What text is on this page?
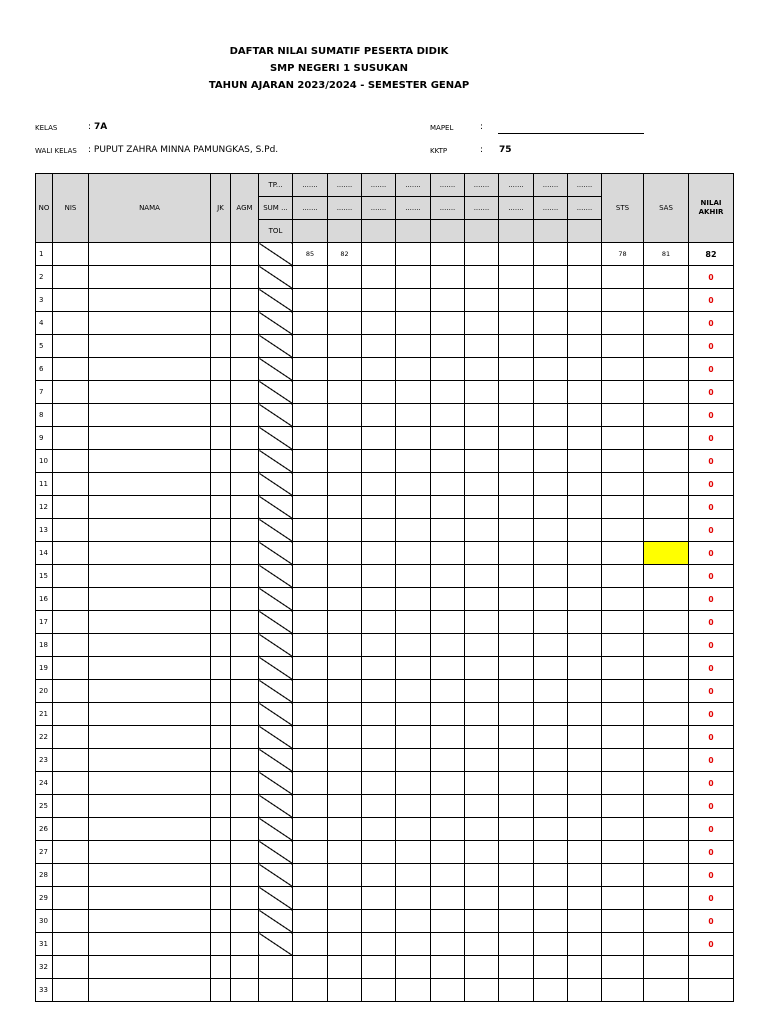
DAFTAR NILAI SUMATIF PESERTA DIDIK
SMP NEGERI 1 SUSUKAN
TAHUN AJARAN 2023/2024 - SEMESTER GENAP
KELAS	: 7A
WALI KELAS : PUPUT ZAHRA MINNA PAMUNGKAS, S.Pd.
MAPEL	:
KKTP	: 75
NO	NIS	NAMA	JK	AGM	TP...	.......	.......	.......	.......	.......	.......	.......	.......	.......	STS	SAS	NILAI AKHIR
					SUM ...	.......	.......	.......	.......	.......	.......	.......	.......	.......			
					TOL												
1						85	82								78	81	82
2																	0
3																	0
4																	0
5																	0
6																	0
7																	0
8																	0
9																	0
10																	0
11																	0
12																	0
13																	0
14																	0
15																	0
16																	0
17																	0
18																	0
19																	0
20																	0
21																	0
22																	0
23																	0
24																	0
25																	0
26																	0
27																	0
28																	0
29																	0
30																	0
31																	0
32																	
33																	
